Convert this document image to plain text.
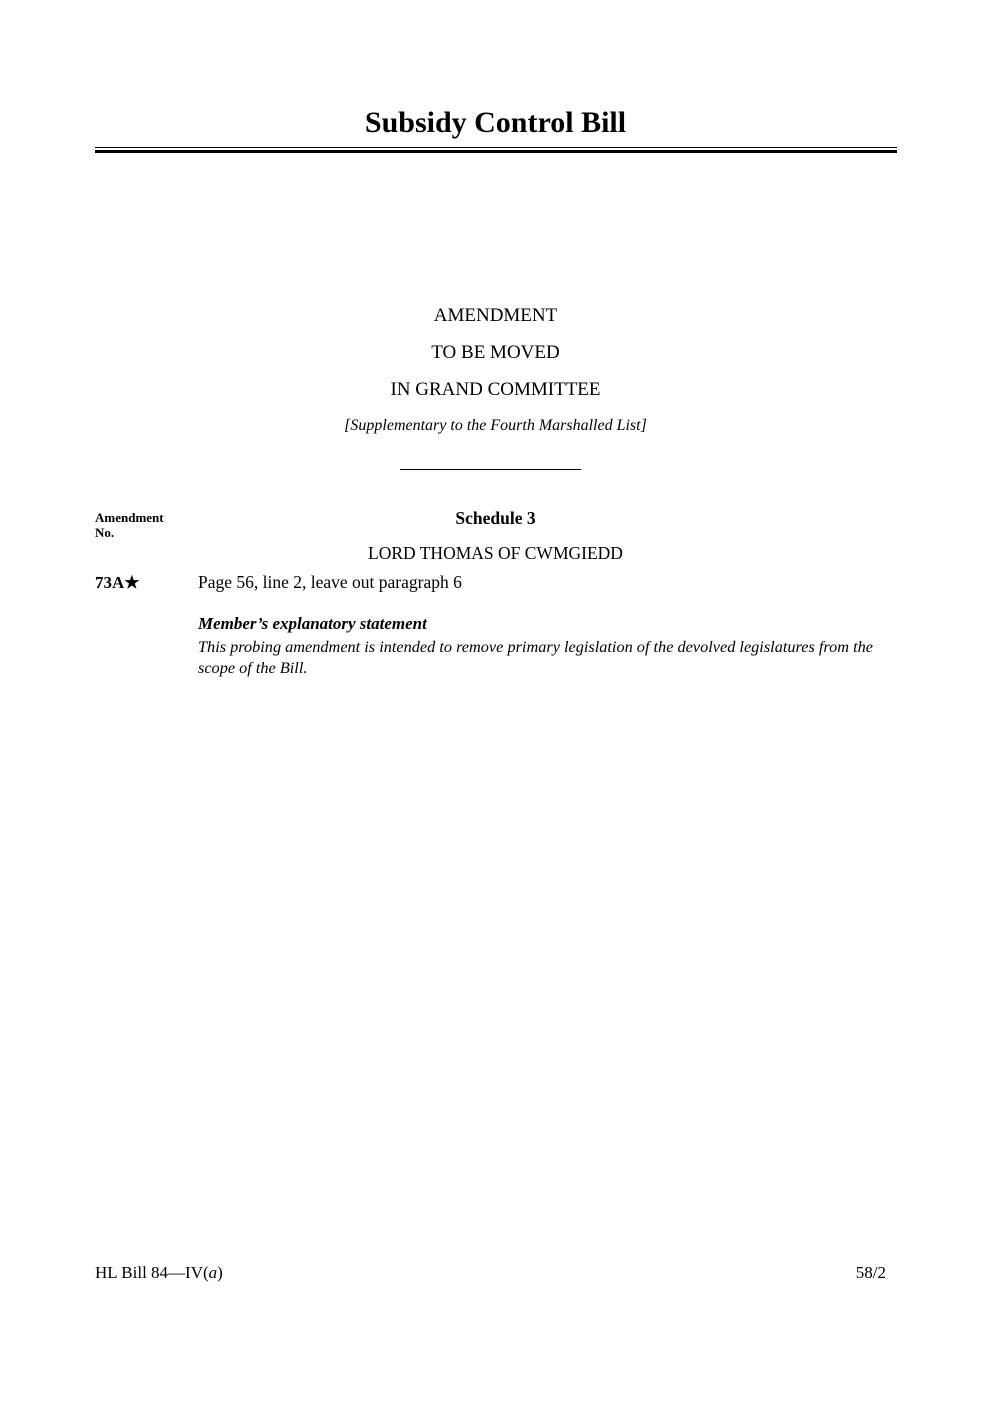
Subsidy Control Bill
AMENDMENT
TO BE MOVED
IN GRAND COMMITTEE
[Supplementary to the Fourth Marshalled List]
Amendment
No.
Schedule 3
LORD THOMAS OF CWMGIEDD
73A★	Page 56, line 2, leave out paragraph 6
Member’s explanatory statement
This probing amendment is intended to remove primary legislation of the devolved legislatures from the scope of the Bill.
HL Bill 84—IV(a)	58/2
